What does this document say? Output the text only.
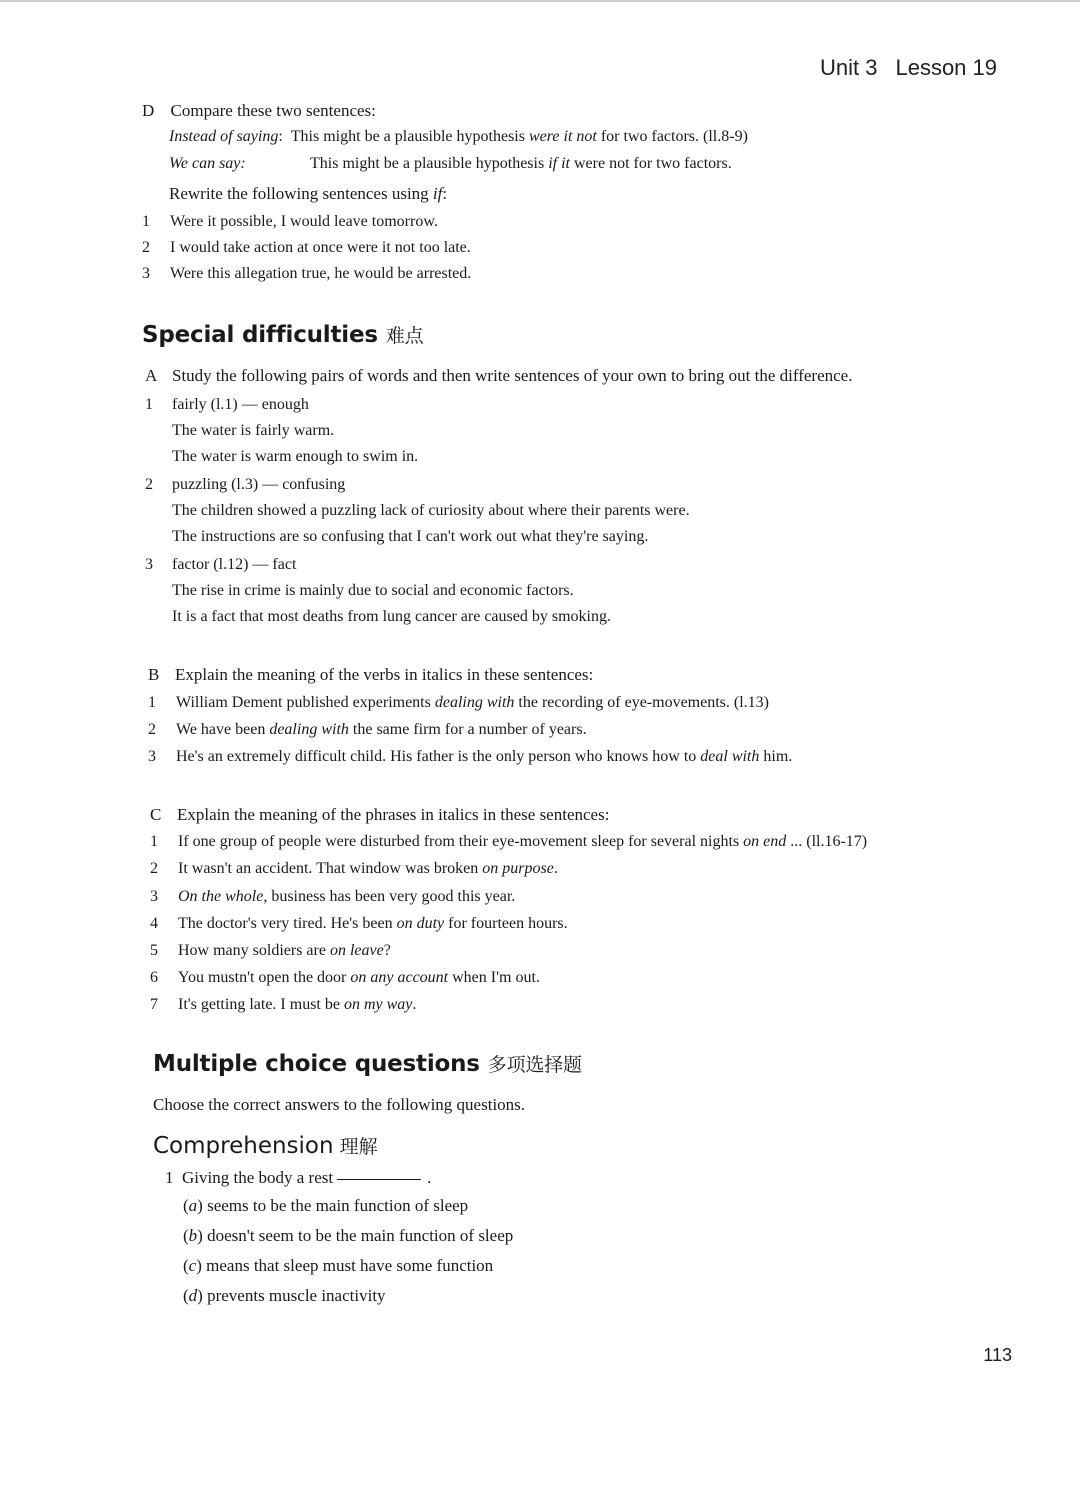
Unit 3 Lesson 19
D Compare these two sentences:
Instead of saying: This might be a plausible hypothesis were it not for two factors. (ll.8-9)
We can say:	This might be a plausible hypothesis if it were not for two factors.
Rewrite the following sentences using if:
1 Were it possible, I would leave tomorrow.
2 I would take action at once were it not too late.
3 Were this allegation true, he would be arrested.
Special difficulties 难点
A Study the following pairs of words and then write sentences of your own to bring out the difference.
1 fairly (l.1) — enough
The water is fairly warm.
The water is warm enough to swim in.
2 puzzling (l.3) — confusing
The children showed a puzzling lack of curiosity about where their parents were.
The instructions are so confusing that I can't work out what they're saying.
3 factor (l.12) — fact
The rise in crime is mainly due to social and economic factors.
It is a fact that most deaths from lung cancer are caused by smoking.
B Explain the meaning of the verbs in italics in these sentences:
1 William Dement published experiments dealing with the recording of eye-movements. (l.13)
2 We have been dealing with the same firm for a number of years.
3 He's an extremely difficult child. His father is the only person who knows how to deal with him.
C Explain the meaning of the phrases in italics in these sentences:
1 If one group of people were disturbed from their eye-movement sleep for several nights on end ... (ll.16-17)
2 It wasn't an accident. That window was broken on purpose.
3 On the whole, business has been very good this year.
4 The doctor's very tired. He's been on duty for fourteen hours.
5 How many soldiers are on leave?
6 You mustn't open the door on any account when I'm out.
7 It's getting late. I must be on my way.
Multiple choice questions 多项选择题
Choose the correct answers to the following questions.
Comprehension 理解
1 Giving the body a rest	.
(a) seems to be the main function of sleep
(b) doesn't seem to be the main function of sleep
(c) means that sleep must have some function
(d) prevents muscle inactivity
113
